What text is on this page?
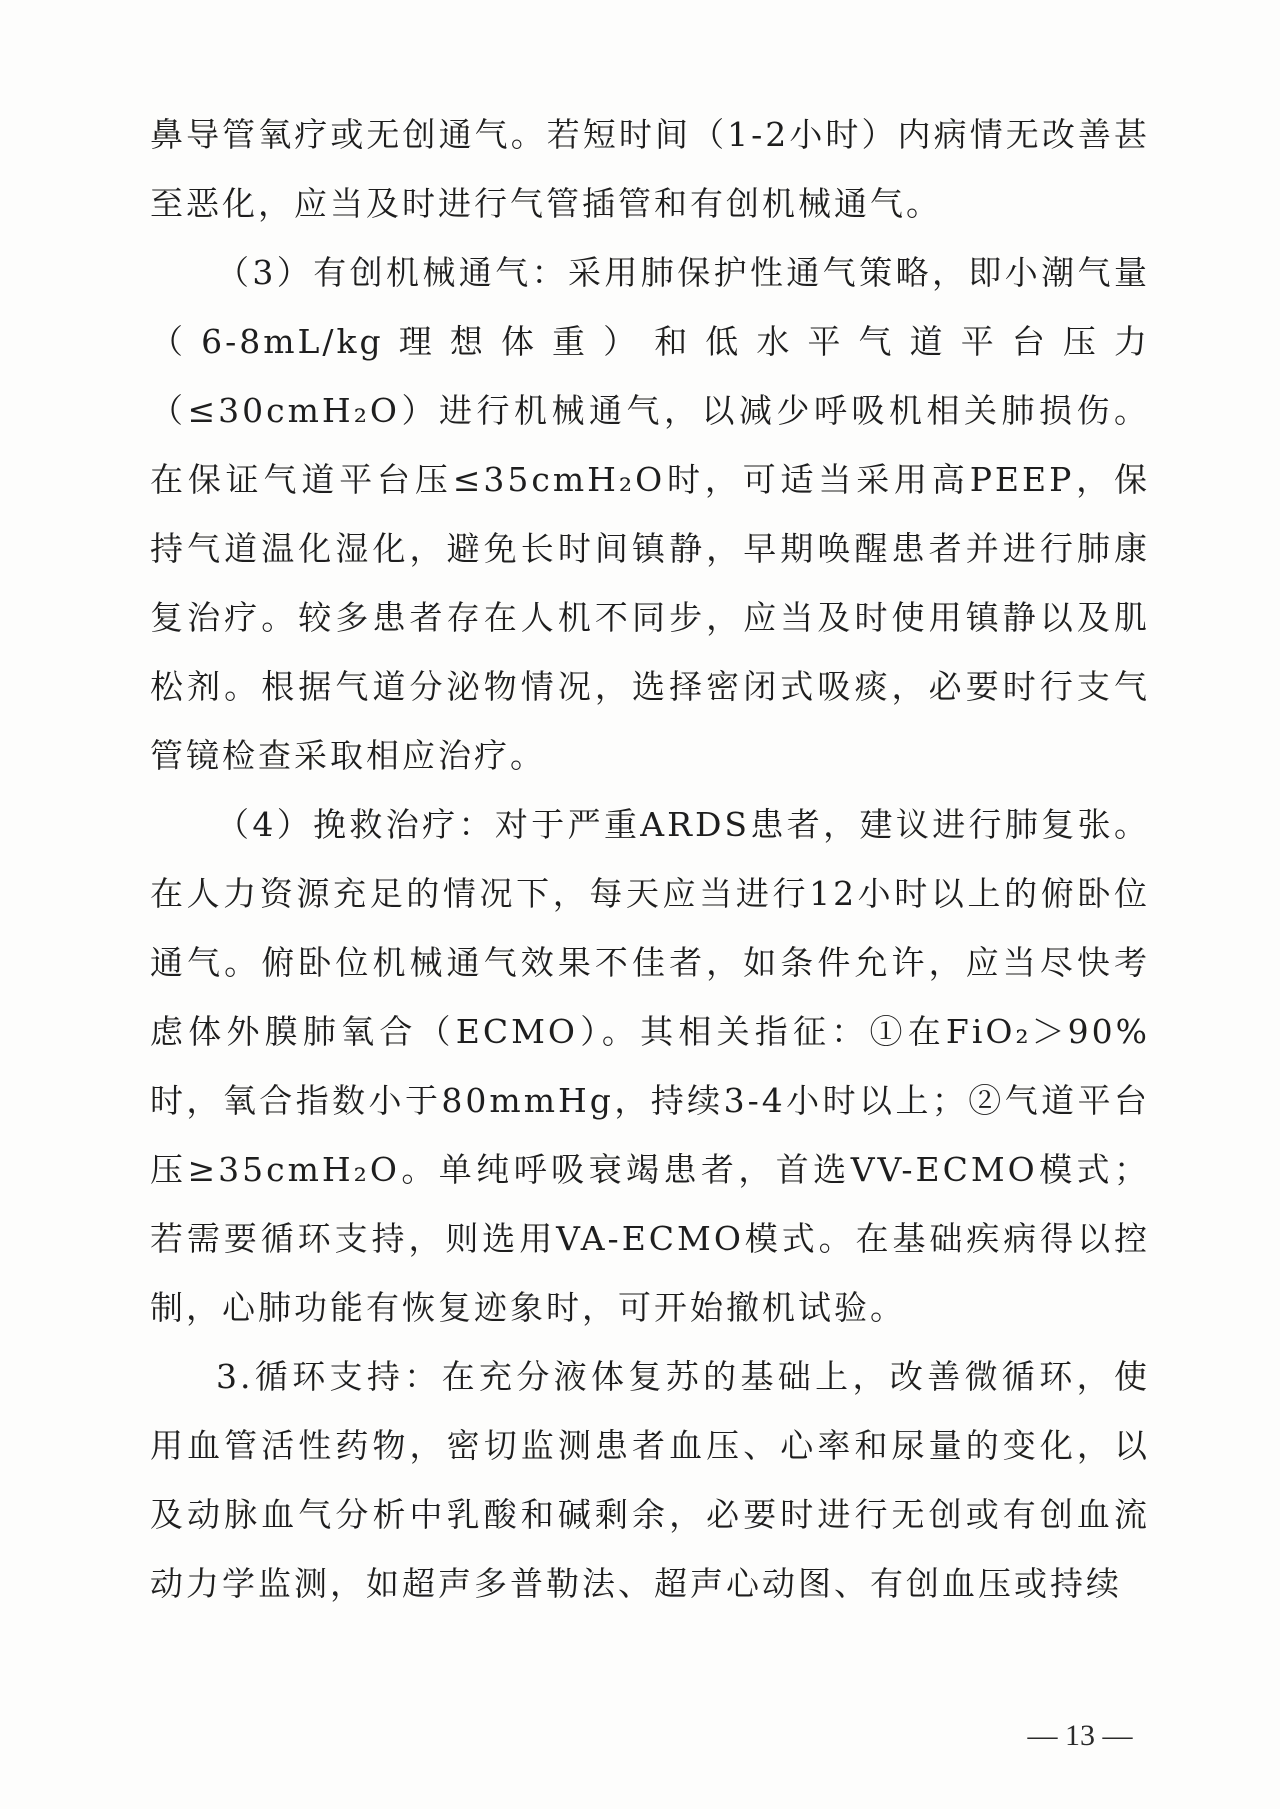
鼻导管氧疗或无创通气。若短时间（1-2小时）内病情无改善甚至恶化，应当及时进行气管插管和有创机械通气。

（3）有创机械通气：采用肺保护性通气策略，即小潮气量（6-8mL/kg理想体重）和低水平气道平台压力（≤30cmH₂O）进行机械通气，以减少呼吸机相关肺损伤。在保证气道平台压≤35cmH₂O时，可适当采用高PEEP，保持气道温化湿化，避免长时间镇静，早期唤醒患者并进行肺康复治疗。较多患者存在人机不同步，应当及时使用镇静以及肌松剂。根据气道分泌物情况，选择密闭式吸痰，必要时行支气管镜检查采取相应治疗。

（4）挽救治疗：对于严重ARDS患者，建议进行肺复张。在人力资源充足的情况下，每天应当进行12小时以上的俯卧位通气。俯卧位机械通气效果不佳者，如条件允许，应当尽快考虑体外膜肺氧合（ECMO）。其相关指征：①在FiO₂＞90%时，氧合指数小于80mmHg，持续3-4小时以上；②气道平台压≥35cmH₂O。单纯呼吸衰竭患者，首选VV-ECMO模式；若需要循环支持，则选用VA-ECMO模式。在基础疾病得以控制，心肺功能有恢复迹象时，可开始撤机试验。

3.循环支持：在充分液体复苏的基础上，改善微循环，使用血管活性药物，密切监测患者血压、心率和尿量的变化，以及动脉血气分析中乳酸和碱剩余，必要时进行无创或有创血流动力学监测，如超声多普勒法、超声心动图、有创血压或持续

— 13 —
